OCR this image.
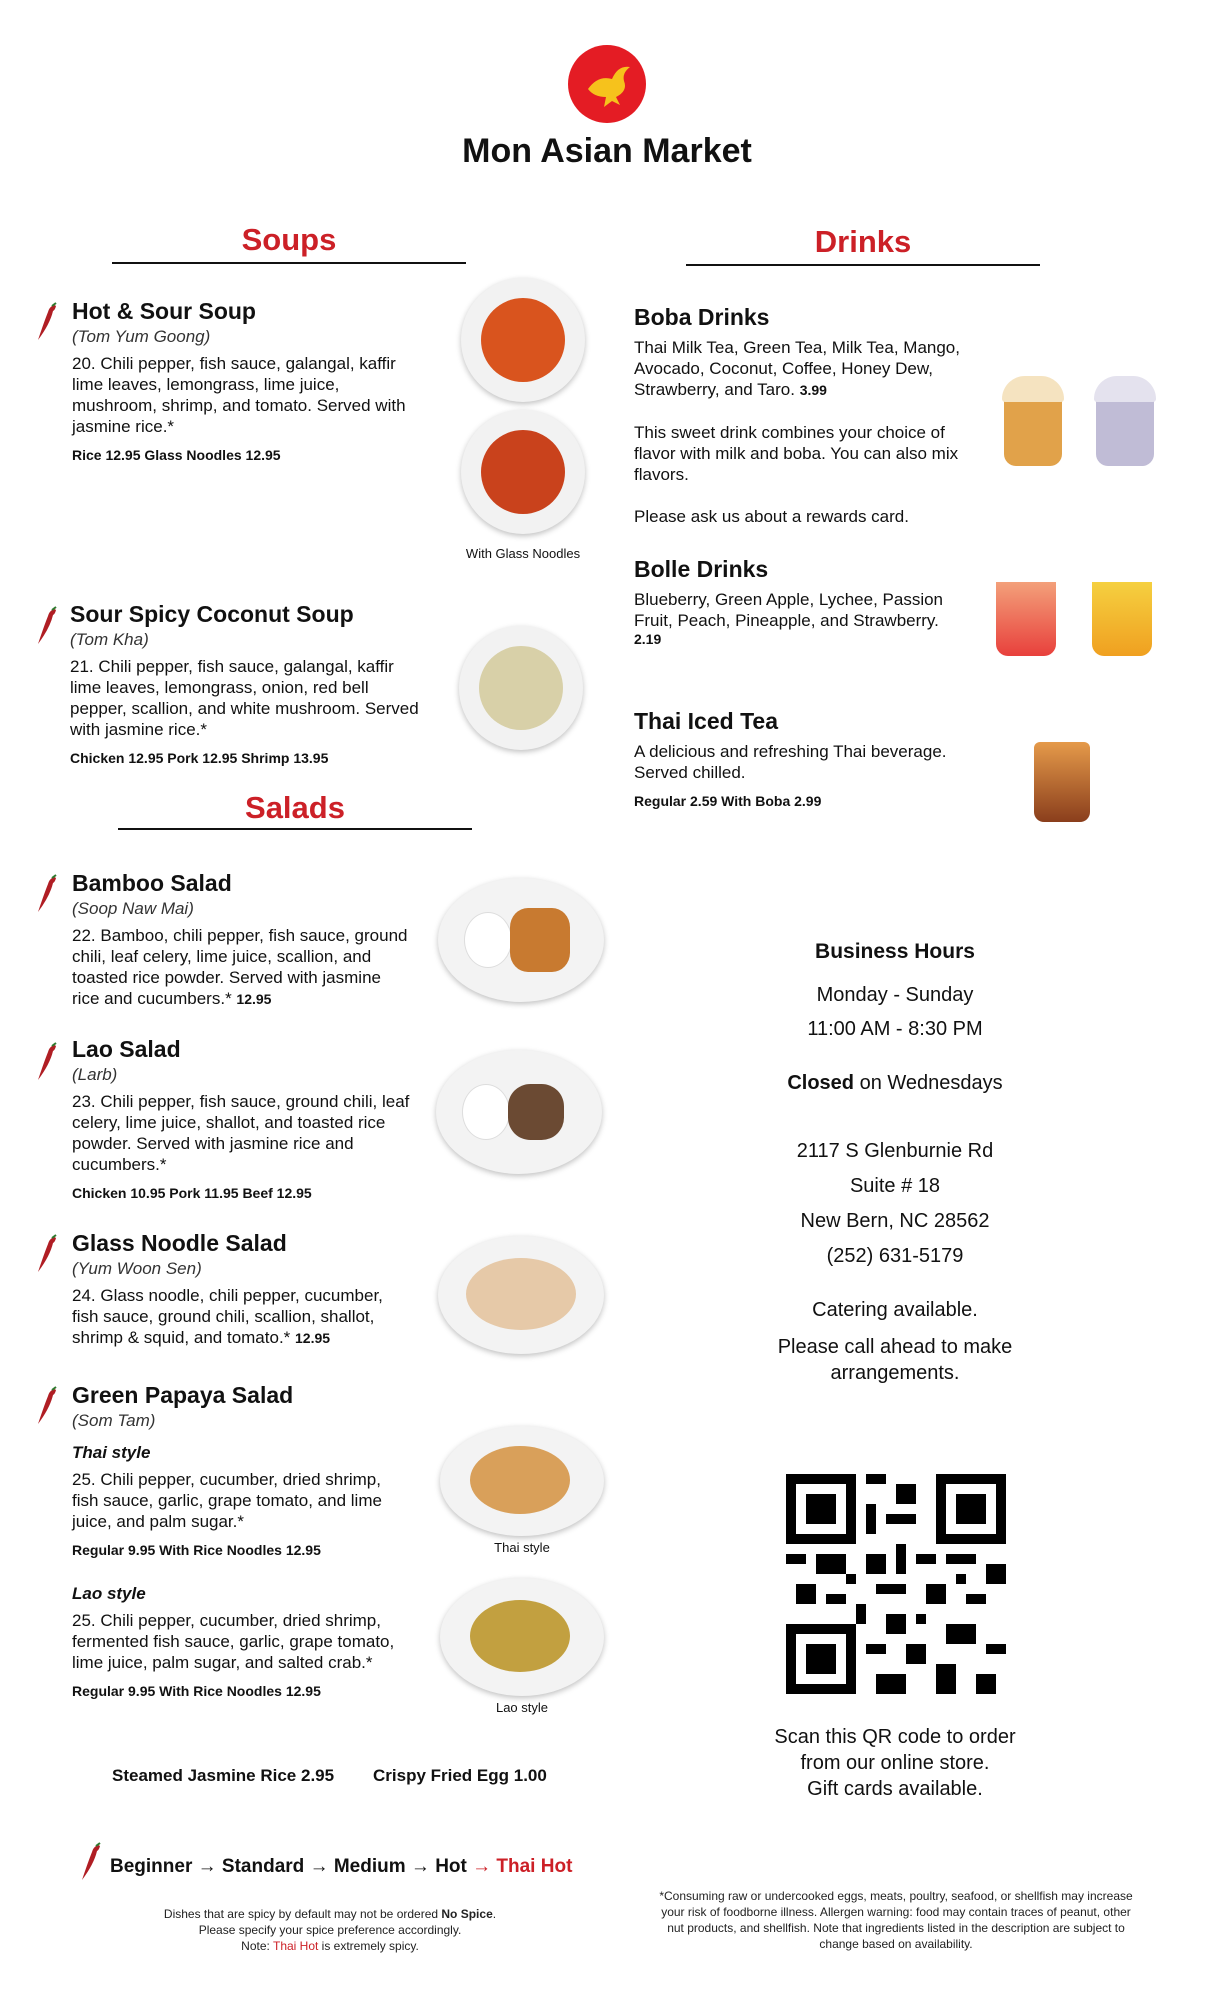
Mon Asian Market
Soups	Drinks
Salads
Hot & Sour Soup
(Tom Yum Goong)
20. Chili pepper, fish sauce, galangal, kaffir lime leaves, lemongrass, lime juice, mushroom, shrimp, and tomato. Served with jasmine rice.*
Rice 12.95 Glass Noodles 12.95
With Glass Noodles
Sour Spicy Coconut Soup
(Tom Kha)
21. Chili pepper, fish sauce, galangal, kaffir lime leaves, lemongrass, onion, red bell pepper, scallion, and white mushroom. Served with jasmine rice.*
Chicken 12.95 Pork 12.95 Shrimp 13.95
Bamboo Salad
(Soop Naw Mai)
22. Bamboo, chili pepper, fish sauce, ground chili, leaf celery, lime juice, scallion, and toasted rice powder. Served with jasmine rice and cucumbers.* 12.95
Lao Salad
(Larb)
23. Chili pepper, fish sauce, ground chili, leaf celery, lime juice, shallot, and toasted rice powder. Served with jasmine rice and cucumbers.*
Chicken 10.95 Pork 11.95 Beef 12.95
Glass Noodle Salad
(Yum Woon Sen)
24. Glass noodle, chili pepper, cucumber, fish sauce, ground chili, scallion, shallot, shrimp & squid, and tomato.* 12.95
Green Papaya Salad
(Som Tam)
Thai style
25. Chili pepper, cucumber, dried shrimp, fish sauce, garlic, grape tomato, and lime juice, and palm sugar.*
Regular 9.95 With Rice Noodles 12.95
Lao style
25. Chili pepper, cucumber, dried shrimp, fermented fish sauce, garlic, grape tomato, lime juice, palm sugar, and salted crab.*
Regular 9.95 With Rice Noodles 12.95
Thai style
Lao style
Steamed Jasmine Rice 2.95 Crispy Fried Egg 1.00
Boba Drinks
Thai Milk Tea, Green Tea, Milk Tea, Mango, Avocado, Coconut, Coffee, Honey Dew, Strawberry, and Taro. 3.99
This sweet drink combines your choice of flavor with milk and boba. You can also mix flavors.
Please ask us about a rewards card.
Bolle Drinks
Blueberry, Green Apple, Lychee, Passion Fruit, Peach, Pineapple, and Strawberry.
2.19
Thai Iced Tea
A delicious and refreshing Thai beverage. Served chilled.
Regular 2.59 With Boba 2.99
Business Hours
Monday - Sunday
11:00 AM - 8:30 PM
Closed on Wednesdays
2117 S Glenburnie Rd
Suite # 18
New Bern, NC 28562
(252) 631-5179
Catering available.
Please call ahead to make arrangements.
Scan this QR code to order
from our online store.
Gift cards available.
Beginner → Standard → Medium → Hot → Thai Hot
Dishes that are spicy by default may not be ordered No Spice.
Please specify your spice preference accordingly.
Note: Thai Hot is extremely spicy.
*Consuming raw or undercooked eggs, meats, poultry, seafood, or shellfish may increase your risk of foodborne illness. Allergen warning: food may contain traces of peanut, other nut products, and shellfish. Note that ingredients listed in the description are subject to change based on availability.
